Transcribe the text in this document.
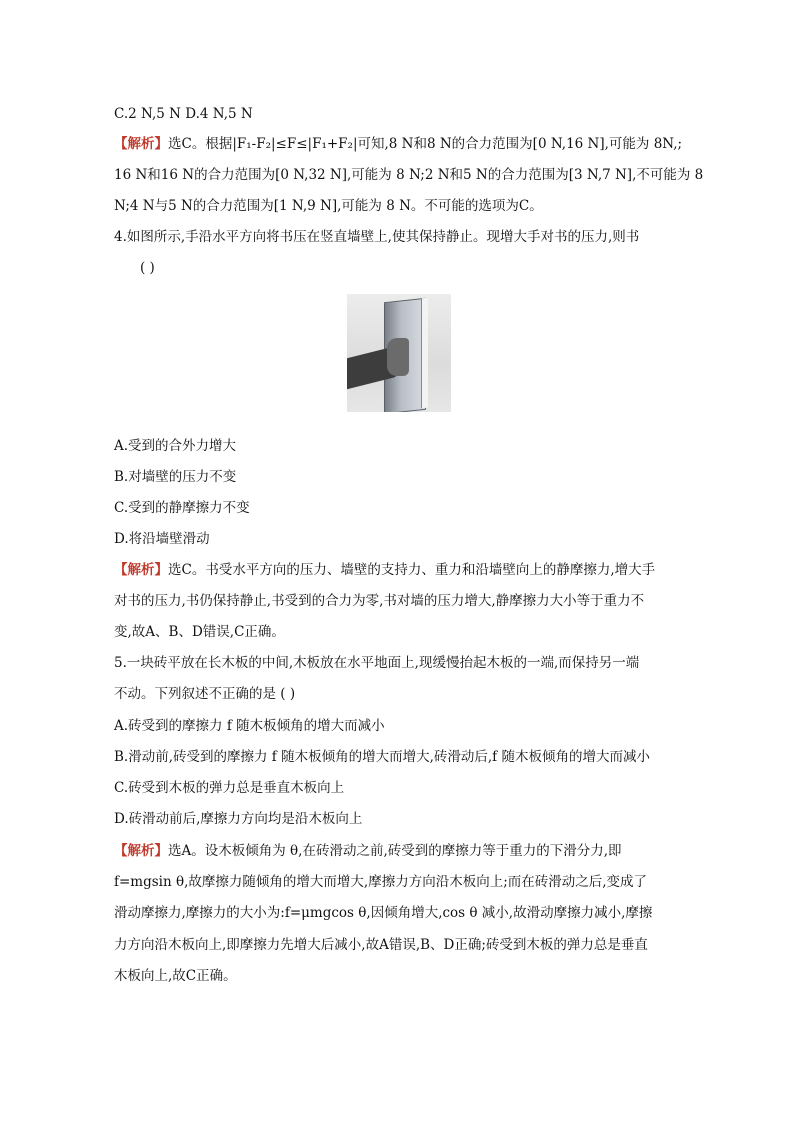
C.2 N,5 N D.4 N,5 N
【解析】选C。根据|F₁-F₂|≤F≤|F₁+F₂|可知,8 N和8 N的合力范围为[0 N,16 N],可能为 8N,;
16 N和16 N的合力范围为[0 N,32 N],可能为 8 N;2 N和5 N的合力范围为[3 N,7 N],不可能为 8
N;4 N与5 N的合力范围为[1 N,9 N],可能为 8 N。不可能的选项为C。
4.如图所示,手沿水平方向将书压在竖直墙壁上,使其保持静止。现增大手对书的压力,则书
( )
A.受到的合外力增大
B.对墙壁的压力不变
C.受到的静摩擦力不变
D.将沿墙壁滑动
【解析】选C。书受水平方向的压力、墙壁的支持力、重力和沿墙壁向上的静摩擦力,增大手
对书的压力,书仍保持静止,书受到的合力为零,书对墙的压力增大,静摩擦力大小等于重力不
变,故A、B、D错误,C正确。
5.一块砖平放在长木板的中间,木板放在水平地面上,现缓慢抬起木板的一端,而保持另一端
不动。下列叙述不正确的是 ( )
A.砖受到的摩擦力 f 随木板倾角的增大而减小
B.滑动前,砖受到的摩擦力 f 随木板倾角的增大而增大,砖滑动后,f 随木板倾角的增大而减小
C.砖受到木板的弹力总是垂直木板向上
D.砖滑动前后,摩擦力方向均是沿木板向上
【解析】选A。设木板倾角为 θ,在砖滑动之前,砖受到的摩擦力等于重力的下滑分力,即
f=mgsin θ,故摩擦力随倾角的增大而增大,摩擦力方向沿木板向上;而在砖滑动之后,变成了
滑动摩擦力,摩擦力的大小为:f=μmgcos θ,因倾角增大,cos θ 减小,故滑动摩擦力减小,摩擦
力方向沿木板向上,即摩擦力先增大后减小,故A错误,B、D正确;砖受到木板的弹力总是垂直
木板向上,故C正确。
